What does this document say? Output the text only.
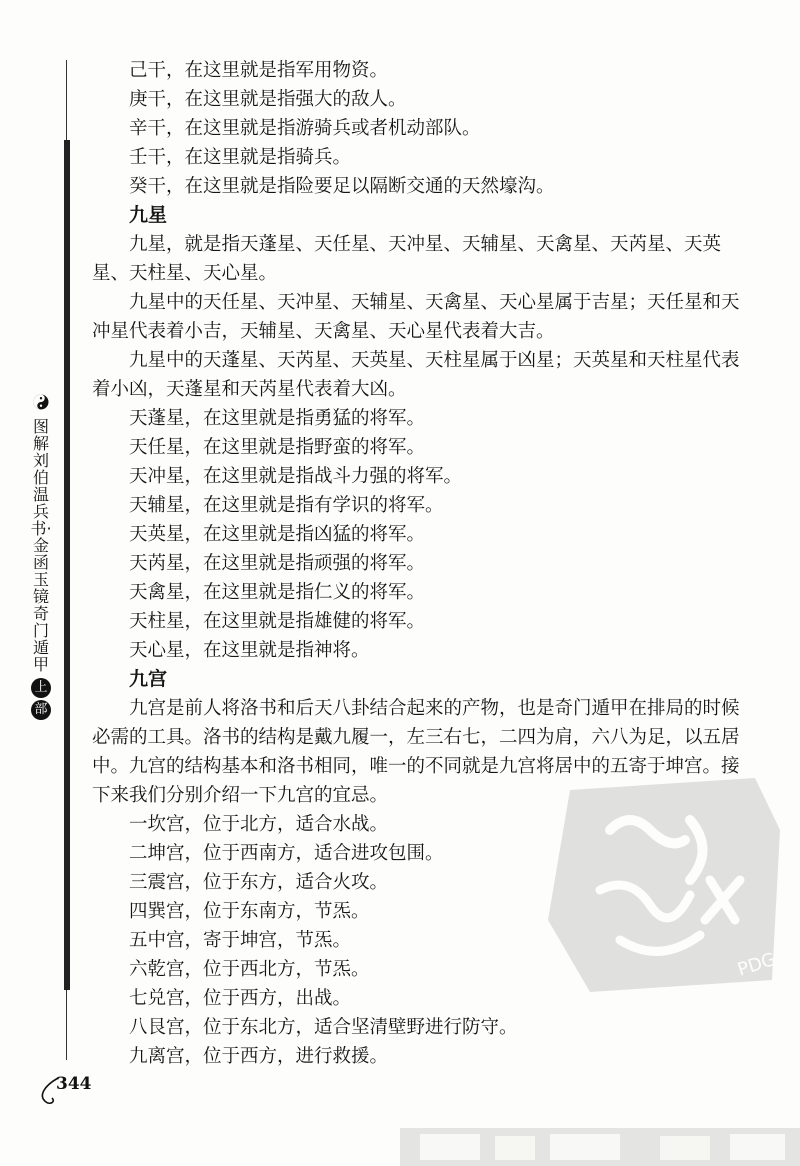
图解刘伯温兵书·金函玉镜奇门遁甲
上
部

己干，在这里就是指军用物资。

庚干，在这里就是指强大的敌人。

辛干，在这里就是指游骑兵或者机动部队。

壬干，在这里就是指骑兵。

癸干，在这里就是指险要足以隔断交通的天然壕沟。

九星

九星，就是指天蓬星、天任星、天冲星、天辅星、天禽星、天芮星、天英星、天柱星、天心星。

九星中的天任星、天冲星、天辅星、天禽星、天心星属于吉星；天任星和天冲星代表着小吉，天辅星、天禽星、天心星代表着大吉。

九星中的天蓬星、天芮星、天英星、天柱星属于凶星；天英星和天柱星代表着小凶，天蓬星和天芮星代表着大凶。

天蓬星，在这里就是指勇猛的将军。

天任星，在这里就是指野蛮的将军。

天冲星，在这里就是指战斗力强的将军。

天辅星，在这里就是指有学识的将军。

天英星，在这里就是指凶猛的将军。

天芮星，在这里就是指顽强的将军。

天禽星，在这里就是指仁义的将军。

天柱星，在这里就是指雄健的将军。

天心星，在这里就是指神将。

九宫

九宫是前人将洛书和后天八卦结合起来的产物，也是奇门遁甲在排局的时候必需的工具。洛书的结构是戴九履一，左三右七，二四为肩，六八为足，以五居中。九宫的结构基本和洛书相同，唯一的不同就是九宫将居中的五寄于坤宫。接下来我们分别介绍一下九宫的宜忌。

一坎宫，位于北方，适合水战。

二坤宫，位于西南方，适合进攻包围。

三震宫，位于东方，适合火攻。

四巽宫，位于东南方，节炁。

五中宫，寄于坤宫，节炁。

六乾宫，位于西北方，节炁。

七兑宫，位于西方，出战。

八艮宫，位于东北方，适合坚清壁野进行防守。

九离宫，位于西方，进行救援。

PDG
344
